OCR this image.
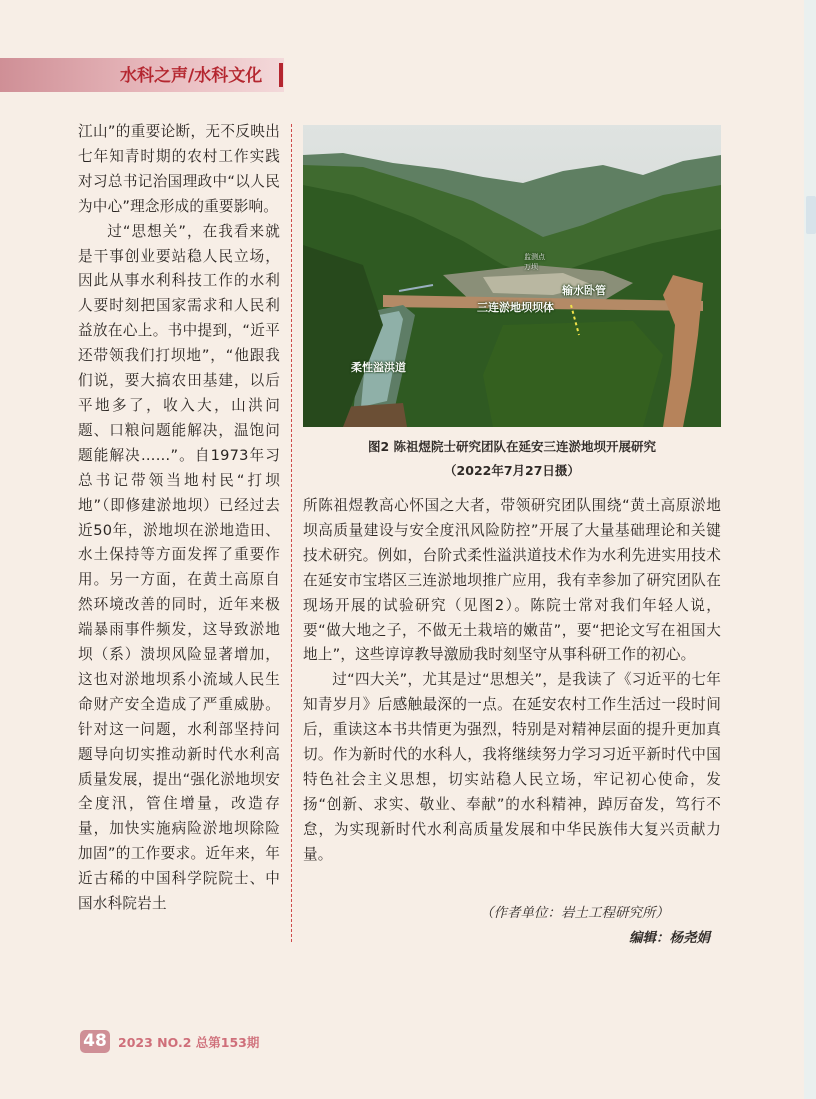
水科之声/水科文化

江山”的重要论断，无不反映出七年知青时期的农村工作实践对习总书记治国理政中“以人民为中心”理念形成的重要影响。

过“思想关”，在我看来就是干事创业要站稳人民立场，因此从事水利科技工作的水利人要时刻把国家需求和人民利益放在心上。书中提到，“近平还带领我们打坝地”，“他跟我们说，要大搞农田基建，以后平地多了，收入大，山洪问题、口粮问题能解决，温饱问题能解决……”。自1973年习总书记带领当地村民“打坝地”（即修建淤地坝）已经过去近50年，淤地坝在淤地造田、水土保持等方面发挥了重要作用。另一方面，在黄土高原自然环境改善的同时，近年来极端暴雨事件频发，这导致淤地坝（系）溃坝风险显著增加，这也对淤地坝系小流域人民生命财产安全造成了严重威胁。针对这一问题，水利部坚持问题导向切实推动新时代水利高质量发展，提出“强化淤地坝安全度汛，管住增量，改造存量，加快实施病险淤地坝除险加固”的工作要求。近年来，年近古稀的中国科学院院士、中国水科院岩土

输水卧管
三连淤地坝坝体
柔性溢洪道
监测点
万坝
图2 陈祖煜院士研究团队在延安三连淤地坝开展研究
（2022年7月27日摄）

所陈祖煜教高心怀国之大者，带领研究团队围绕“黄土高原淤地坝高质量建设与安全度汛风险防控”开展了大量基础理论和关键技术研究。例如，台阶式柔性溢洪道技术作为水利先进实用技术在延安市宝塔区三连淤地坝推广应用，我有幸参加了研究团队在现场开展的试验研究（见图2）。陈院士常对我们年轻人说，要“做大地之子，不做无土栽培的嫩苗”，要“把论文写在祖国大地上”，这些谆谆教导激励我时刻坚守从事科研工作的初心。

过“四大关”，尤其是过“思想关”，是我读了《习近平的七年知青岁月》后感触最深的一点。在延安农村工作生活过一段时间后，重读这本书共情更为强烈，特别是对精神层面的提升更加真切。作为新时代的水科人，我将继续努力学习习近平新时代中国特色社会主义思想，切实站稳人民立场，牢记初心使命，发扬“创新、求实、敬业、奉献”的水科精神，踔厉奋发，笃行不怠，为实现新时代水利高质量发展和中华民族伟大复兴贡献力量。

（作者单位：岩土工程研究所）
编辑：杨尧娟
48 2023 NO.2 总第153期
